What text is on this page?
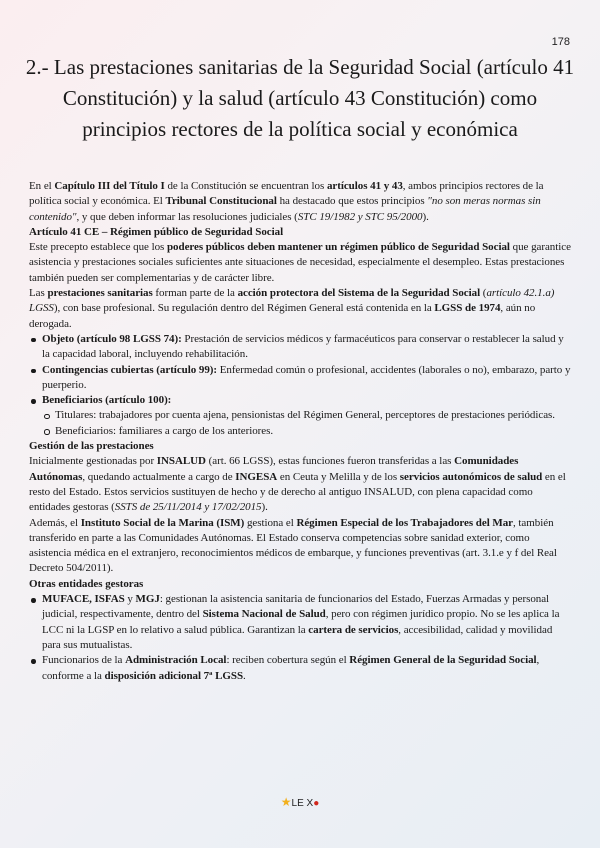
178
2.- Las prestaciones sanitarias de la Seguridad Social (artículo 41 Constitución) y la salud (artículo 43 Constitución) como principios rectores de la política social y económica

En el Capítulo III del Título I de la Constitución se encuentran los artículos 41 y 43, ambos principios rectores de la política social y económica. El Tribunal Constitucional ha destacado que estos principios "no son meras normas sin contenido", y que deben informar las resoluciones judiciales (STC 19/1982 y STC 95/2000).

Artículo 41 CE – Régimen público de Seguridad Social

Este precepto establece que los poderes públicos deben mantener un régimen público de Seguridad Social que garantice asistencia y prestaciones sociales suficientes ante situaciones de necesidad, especialmente el desempleo. Estas prestaciones también pueden ser complementarias y de carácter libre.

Las prestaciones sanitarias forman parte de la acción protectora del Sistema de la Seguridad Social (artículo 42.1.a) LGSS), con base profesional. Su regulación dentro del Régimen General está contenida en la LGSS de 1974, aún no derogada.

Objeto (artículo 98 LGSS 74): Prestación de servicios médicos y farmacéuticos para conservar o restablecer la salud y la capacidad laboral, incluyendo rehabilitación.
Contingencias cubiertas (artículo 99): Enfermedad común o profesional, accidentes (laborales o no), embarazo, parto y puerperio.
Beneficiarios (artículo 100):
Titulares: trabajadores por cuenta ajena, pensionistas del Régimen General, perceptores de prestaciones periódicas.
Beneficiarios: familiares a cargo de los anteriores.

Gestión de las prestaciones

Inicialmente gestionadas por INSALUD (art. 66 LGSS), estas funciones fueron transferidas a las Comunidades Autónomas, quedando actualmente a cargo de INGESA en Ceuta y Melilla y de los servicios autonómicos de salud en el resto del Estado. Estos servicios sustituyen de hecho y de derecho al antiguo INSALUD, con plena capacidad como entidades gestoras (SSTS de 25/11/2014 y 17/02/2015).

Además, el Instituto Social de la Marina (ISM) gestiona el Régimen Especial de los Trabajadores del Mar, también transferido en parte a las Comunidades Autónomas. El Estado conserva competencias sobre sanidad exterior, como asistencia médica en el extranjero, reconocimientos médicos de embarque, y funciones preventivas (art. 3.1.e y f del Real Decreto 504/2011).

Otras entidades gestoras

MUFACE, ISFAS y MGJ: gestionan la asistencia sanitaria de funcionarios del Estado, Fuerzas Armadas y personal judicial, respectivamente, dentro del Sistema Nacional de Salud, pero con régimen jurídico propio. No se les aplica la LCC ni la LGSP en lo relativo a salud pública. Garantizan la cartera de servicios, accesibilidad, calidad y movilidad para sus mutualistas.
Funcionarios de la Administración Local: reciben cobertura según el Régimen General de la Seguridad Social, conforme a la disposición adicional 7ª LGSS.
★LE X●
